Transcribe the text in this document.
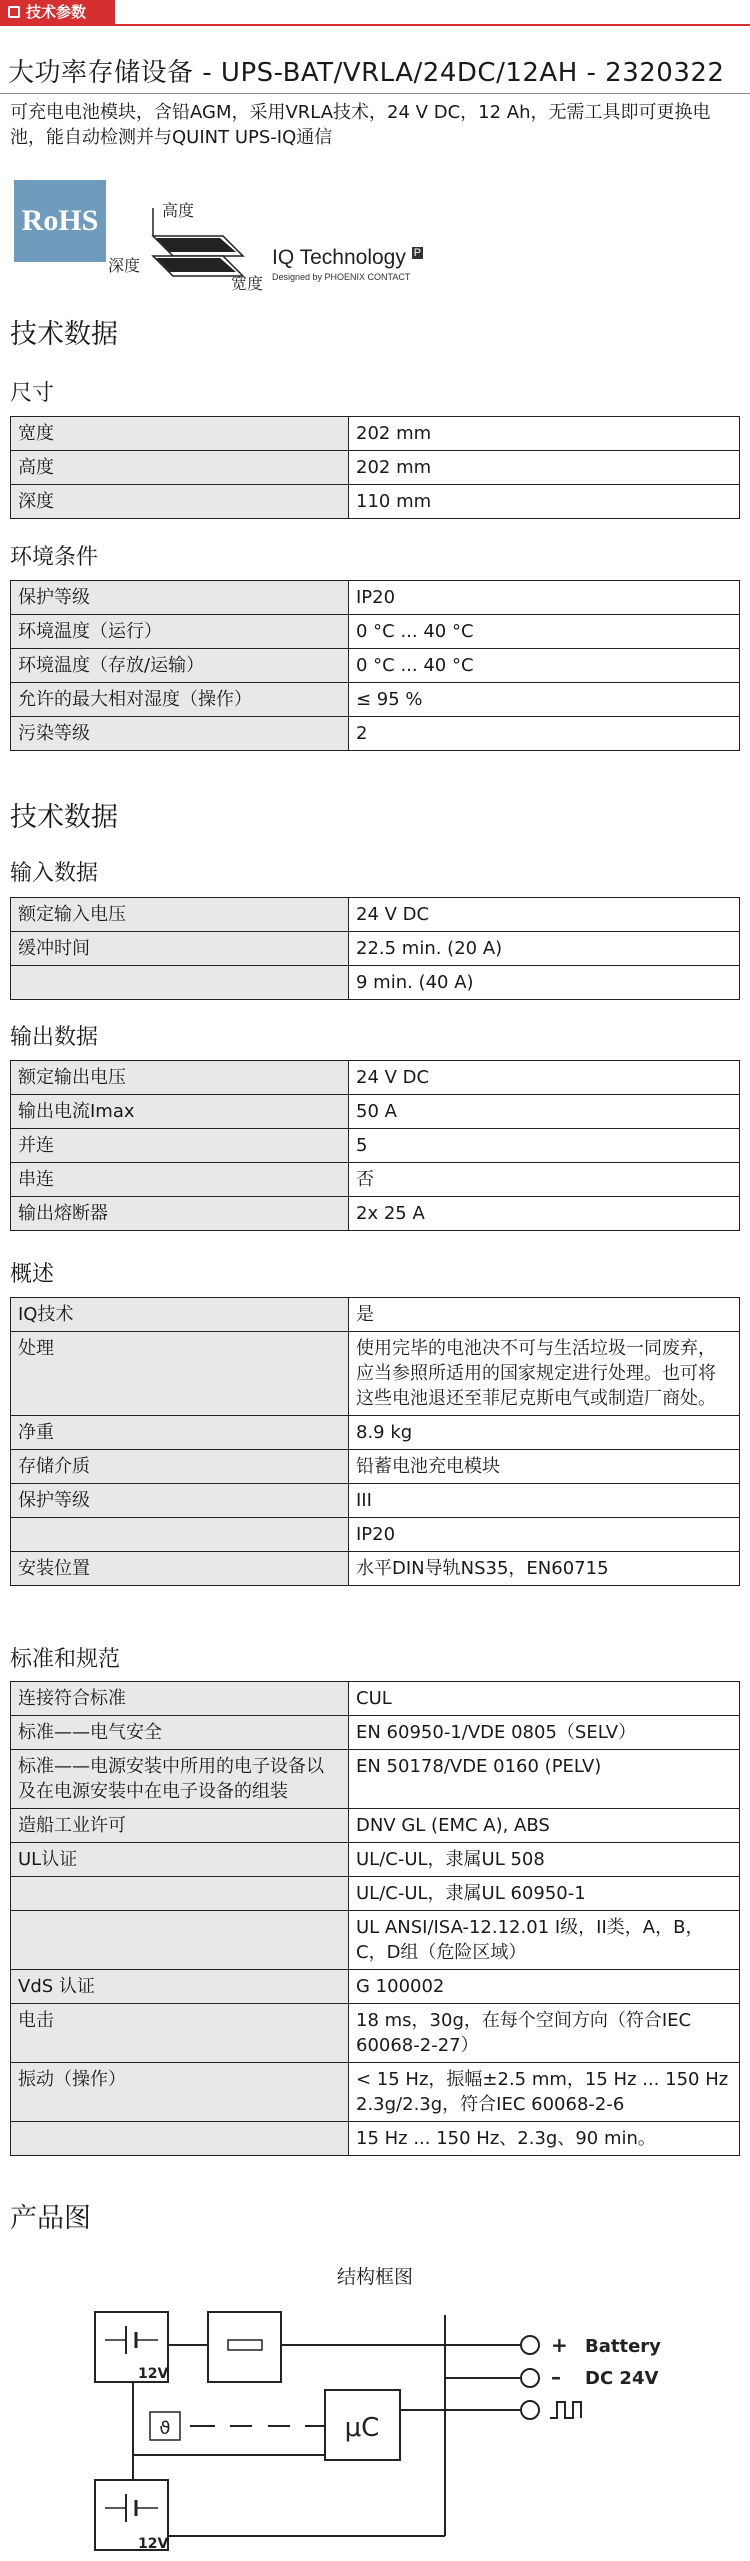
技术参数
大功率存储设备 - UPS-BAT/VRLA/24DC/12AH - 2320322
可充电电池模块，含铅AGM，采用VRLA技术，24 V DC，12 Ah，无需工具即可更换电池，能自动检测并与QUINT UPS-IQ通信
RoHS	高度
深度
宽度
IQ Technology $^P$
Designed by PHOENIX CONTACT
技术数据
尺寸
宽度	202 mm
高度	202 mm
深度	110 mm
环境条件
保护等级	IP20
环境温度（运行）	0 °C ... 40 °C
环境温度（存放/运输）	0 °C ... 40 °C
允许的最大相对湿度（操作）	≤ 95 %
污染等级	2
技术数据
输入数据
额定输入电压	24 V DC
缓冲时间	22.5 min. (20 A)
	9 min. (40 A)
输出数据
额定输出电压	24 V DC
输出电流Imax	50 A
并连	5
串连	否
输出熔断器	2x 25 A
概述
IQ技术	是
处理	使用完毕的电池决不可与生活垃圾一同废弃，应当参照所适用的国家规定进行处理。也可将这些电池退还至菲尼克斯电气或制造厂商处。
净重	8.9 kg
存储介质	铅蓄电池充电模块
保护等级	III
	IP20
安装位置	水平DIN导轨NS35，EN60715
标准和规范
连接符合标准	CUL
标准——电气安全	EN 60950-1/VDE 0805（SELV）
标准——电源安装中所用的电子设备以及在电源安装中在电子设备的组装	EN 50178/VDE 0160 (PELV)
造船工业许可	DNV GL (EMC A), ABS
UL认证	UL/C-UL，隶属UL 508
	UL/C-UL，隶属UL 60950-1
	UL ANSI/ISA-12.12.01 I级，II类，A，B，C，D组（危险区域）
VdS 认证	G 100002
电击	18 ms，30g，在每个空间方向（符合IEC 60068-2-27）
振动（操作）	< 15 Hz，振幅±2.5 mm，15 Hz ... 150 Hz 2.3g/2.3g，符合IEC 60068-2-6
	15 Hz ... 150 Hz、2.3g、90 min。
产品图
结构框图
12V
μC
ϑ
12V
+
–
Battery
DC 24V
